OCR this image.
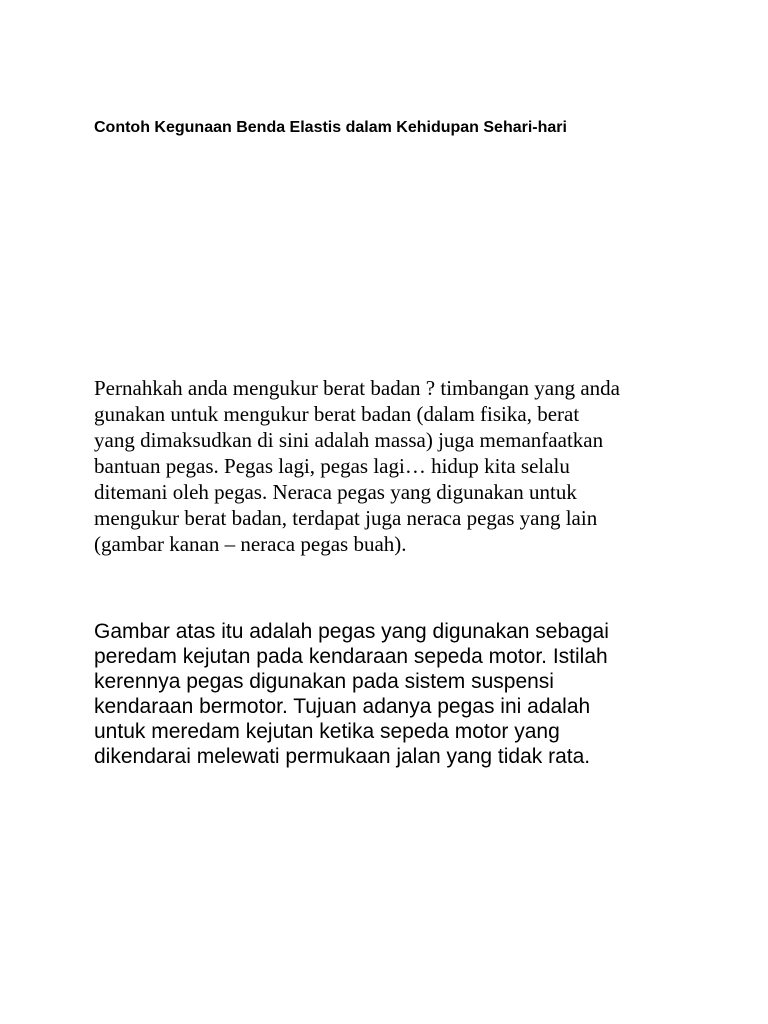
Contoh Kegunaan Benda Elastis dalam Kehidupan Sehari-hari

Pernahkah anda mengukur berat badan ? timbangan yang anda
gunakan untuk mengukur berat badan (dalam fisika, berat
yang dimaksudkan di sini adalah massa) juga memanfaatkan
bantuan pegas. Pegas lagi, pegas lagi… hidup kita selalu
ditemani oleh pegas. Neraca pegas yang digunakan untuk
mengukur berat badan, terdapat juga neraca pegas yang lain
(gambar kanan – neraca pegas buah).

Gambar atas itu adalah pegas yang digunakan sebagai
peredam kejutan pada kendaraan sepeda motor. Istilah
kerennya pegas digunakan pada sistem suspensi
kendaraan bermotor. Tujuan adanya pegas ini adalah
untuk meredam kejutan ketika sepeda motor yang
dikendarai melewati permukaan jalan yang tidak rata.
